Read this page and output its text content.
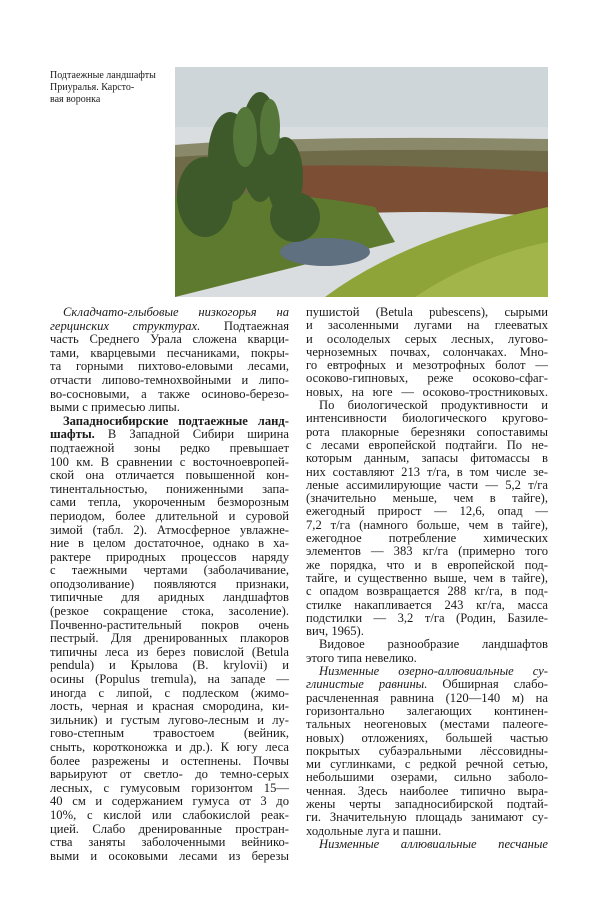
Подтаежные ландшафты
Приуралья. Карсто-
вая воронка
Складчато-глыбовые низкогорья на
герцинских структурах. Подтаежная
часть Среднего Урала сложена кварци-
тами, кварцевыми песчаниками, покры-
та горными пихтово-еловыми лесами,
отчасти липово-темнохвойными и липо-
во-сосновыми, а также осиново-березо-
выми с примесью липы.
Западносибирские подтаежные ланд-
шафты. В Западной Сибири ширина
подтаежной зоны редко превышает
100 км. В сравнении с восточноевропей-
ской она отличается повышенной кон-
тинентальностью, пониженными запа-
сами тепла, укороченным безморозным
периодом, более длительной и суровой
зимой (табл. 2). Атмосферное увлажне-
ние в целом достаточное, однако в ха-
рактере природных процессов наряду
с таежными чертами (заболачивание,
оподзоливание) появляются признаки,
типичные для аридных ландшафтов
(резкое сокращение стока, засоление).
Почвенно-растительный покров очень
пестрый. Для дренированных плакоров
типичны леса из берез повислой (Betula
pendula) и Крылова (B. krylovii) и
осины (Populus tremula), на западе —
иногда с липой, с подлеском (жимо-
лость, черная и красная смородина, ки-
зильник) и густым лугово-лесным и лу-
гово-степным травостоем (вейник,
сныть, коротконожка и др.). К югу леса
более разрежены и остепнены. Почвы
варьируют от светло- до темно-серых
лесных, с гумусовым горизонтом 15—
40 см и содержанием гумуса от 3 до
10%, с кислой или слабокислой реак-
цией. Слабо дренированные простран-
ства заняты заболоченными вейнико-
выми и осоковыми лесами из березы
пушистой (Betula pubescens), сырыми
и засоленными лугами на глееватых
и осолоделых серых лесных, лугово-
черноземных почвах, солончаках. Мно-
го евтрофных и мезотрофных болот —
осоково-гипновых, реже осоково-сфаг-
новых, на юге — осоково-тростниковых.
По биологической продуктивности и
интенсивности биологического кругово-
рота плакорные березняки сопоставимы
с лесами европейской подтайги. По не-
которым данным, запасы фитомассы в
них составляют 213 т/га, в том числе зе-
леные ассимилирующие части — 5,2 т/га
(значительно меньше, чем в тайге),
ежегодный прирост — 12,6, опад —
7,2 т/га (намного больше, чем в тайге),
ежегодное потребление химических
элементов — 383 кг/га (примерно того
же порядка, что и в европейской под-
тайге, и существенно выше, чем в тайге),
с опадом возвращается 288 кг/га, в под-
стилке накапливается 243 кг/га, масса
подстилки — 3,2 т/га (Родин, Базиле-
вич, 1965).
Видовое разнообразие ландшафтов
этого типа невелико.
Низменные озерно-аллювиальные су-
глинистые равнины. Обширная слабо-
расчлененная равнина (120—140 м) на
горизонтально залегающих континен-
тальных неогеновых (местами палеоге-
новых) отложениях, большей частью
покрытых субаэральными лёссовидны-
ми суглинками, с редкой речной сетью,
небольшими озерами, сильно заболо-
ченная. Здесь наиболее типично выра-
жены черты западносибирской подтай-
ги. Значительную площадь занимают су-
ходольные луга и пашни.
Низменные аллювиальные песчаные
